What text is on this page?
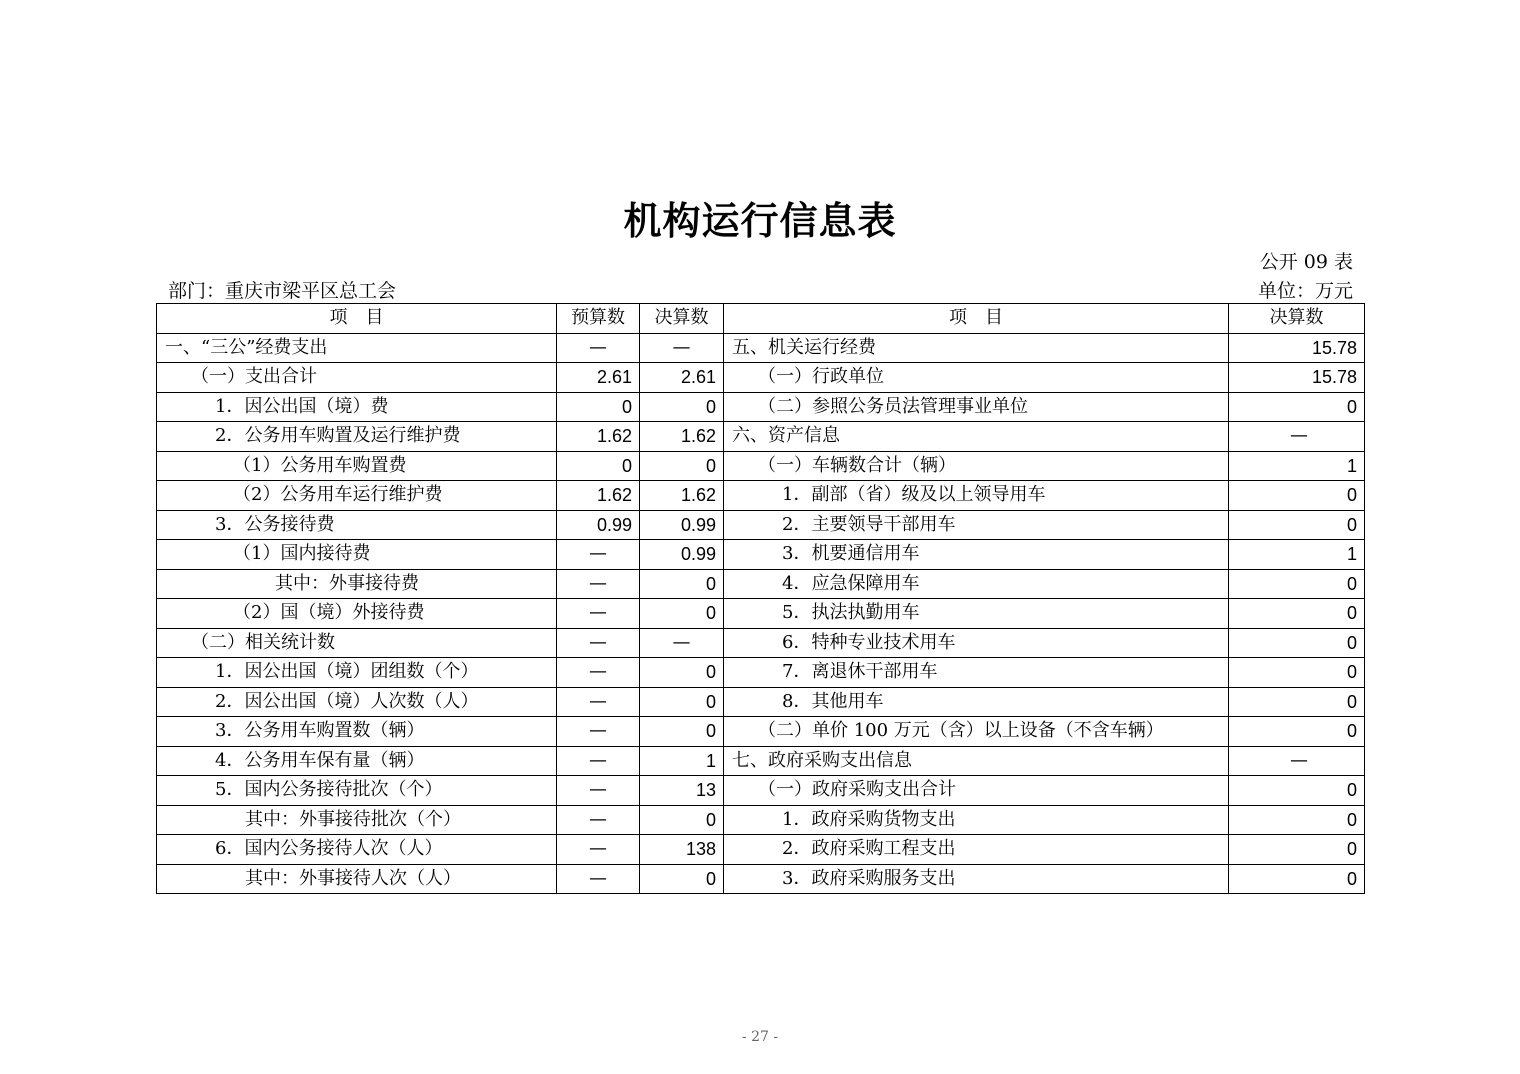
机构运行信息表
公开 09 表
部门：重庆市梁平区总工会	单位：万元
项　目	预算数	决算数	项　目	决算数
一、“三公”经费支出	—	—	五、机关运行经费	15.78
（一）支出合计	2.61	2.61	（一）行政单位	15.78
1．因公出国（境）费	0	0	（二）参照公务员法管理事业单位	0
2．公务用车购置及运行维护费	1.62	1.62	六、资产信息	—
（1）公务用车购置费	0	0	（一）车辆数合计（辆）	1
（2）公务用车运行维护费	1.62	1.62	1．副部（省）级及以上领导用车	0
3．公务接待费	0.99	0.99	2．主要领导干部用车	0
（1）国内接待费	—	0.99	3．机要通信用车	1
其中：外事接待费	—	0	4．应急保障用车	0
（2）国（境）外接待费	—	0	5．执法执勤用车	0
（二）相关统计数	—	—	6．特种专业技术用车	0
1．因公出国（境）团组数（个）	—	0	7．离退休干部用车	0
2．因公出国（境）人次数（人）	—	0	8．其他用车	0
3．公务用车购置数（辆）	—	0	（二）单价 100 万元（含）以上设备（不含车辆）	0
4．公务用车保有量（辆）	—	1	七、政府采购支出信息	—
5．国内公务接待批次（个）	—	13	（一）政府采购支出合计	0
其中：外事接待批次（个）	—	0	1．政府采购货物支出	0
6．国内公务接待人次（人）	—	138	2．政府采购工程支出	0
其中：外事接待人次（人）	—	0	3．政府采购服务支出	0
- 27 -
